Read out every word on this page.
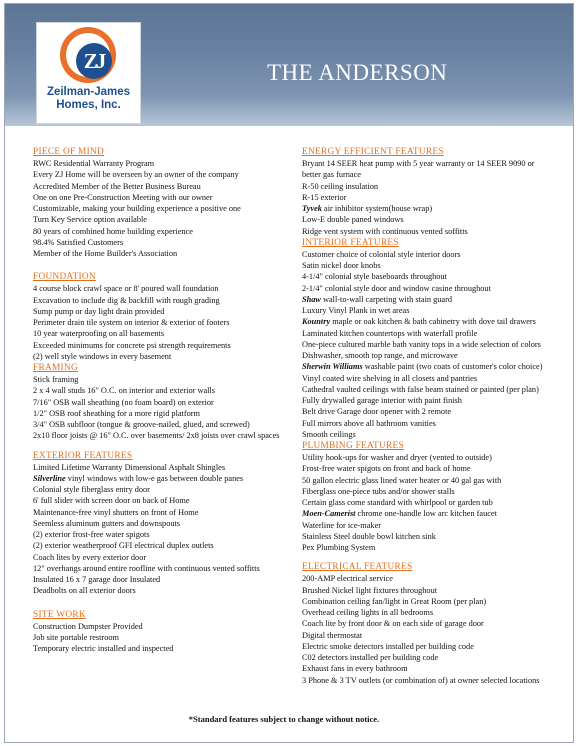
ZJ
Zeilman-James
Homes, Inc.
THE ANDERSON
PIECE OF MIND
RWC Residential Warranty Program
Every ZJ Home will be overseen by an owner of the company
Accredited Member of the Better Business Bureau
One on one Pre-Construction Meeting with our owner
Customizable, making your building experience a positive one
Turn Key Service option available
80 years of combined home building experience
98.4% Satisfied Customers
Member of the Home Builder's Association
FOUNDATION
4 course block crawl space or 8' poured wall foundation
Excavation to include dig & backfill with rough grading
Sump pump or day light drain provided
Perimeter drain tile system on interior & exterior of footers
10 year waterproofing on all basements
Exceeded minimums for concrete psi strength requirements
(2) well style windows in every basement
FRAMING
Stick framing
2 x 4 wall studs 16" O.C. on interior and exterior walls
7/16" OSB wall sheathing (no foam board) on exterior
1/2" OSB roof sheathing for a more rigid platform
3/4" OSB subfloor (tongue & groove-nailed, glued, and screwed)
2x10 floor joists @ 16" O.C. over basements/ 2x8 joists over crawl spaces
EXTERIOR FEATURES
Limited Lifetime Warranty Dimensional Asphalt Shingles
Silverline vinyl windows with low-e gas between double panes
Colonial style fiberglass entry door
6' full slider with screen door on back of Home
Maintenance-free vinyl shutters on front of Home
Seemless aluminum gutters and downspouts
(2) exterior frost-free water spigots
(2) exterior weatherproof GFI electrical duplex outlets
Coach lites by every exterior door
12" overhangs around entire roofline with continuous vented soffitts
Insulated 16 x 7 garage door Insulated
Deadbolts on all exterior doors
SITE WORK
Construction Dumpster Provided
Job site portable restroom
Temporary electric installed and inspected
ENERGY EFFICIENT FEATURES
Bryant 14 SEER heat pump with 5 year warranty or 14 SEER 9090 or
better gas furnace
R-50 ceiling insulation
R-15 exterior
Tyvek air inhibitor system(house wrap)
Low-E double paned windows
Ridge vent system with continuous vented soffitts
INTERIOR FEATURES
Customer choice of colonial style interior doors
Satin nickel door knobs
4-1/4" colonial style baseboards throughout
2-1/4" colonial style door and window casine throughout
Shaw wall-to-wall carpeting with stain guard
Luxury Vinyl Plank in wet areas
Kountry maple or oak kitchen & bath cabinetry with dove tail drawers
Laminated kitchen countertops with waterfall profile
One-piece cultured marble bath vanity tops in a wide selection of colors
Dishwasher, smooth top range, and microwave
Sherwin Williams washable paint (two coats of customer's color choice)
Vinyl coated wire shelving in all closets and pantries
Cathedral vaulted ceilings with false beam stained or painted (per plan)
Fully drywalled garage interior with paint finish
Belt drive Garage door opener with 2 remote
Full mirrors above all bathroom vanities
Smooth ceilings
PLUMBING FEATURES
Utility hook-ups for washer and dryer (vented to outside)
Frost-free water spigots on front and back of home
50 gallon electric glass lined water heater or 40 gal gas with
Fiberglass one-piece tubs and/or shower stalls
Certain glass come standard with whirlpool or garden tub
Moen-Camerist chrome one-handle low arc kitchen faucet
Waterline for ice-maker
Stainless Steel double bowl kitchen sink
Pex Plumbing System
ELECTRICAL FEATURES
200-AMP electrical service
Brushed Nickel light fixtures throughout
Combination ceiling fan/light in Great Room (per plan)
Overhead ceiling lights in all bedrooms
Coach lite by front door & on each side of garage door
Digital thermostat
Electric smoke detectors installed per building code
C02 detectors installed per building code
Exhaust fans in every bathroom
3 Phone & 3 TV outlets (or combination of) at owner selected locations
*Standard features subject to change without notice.
